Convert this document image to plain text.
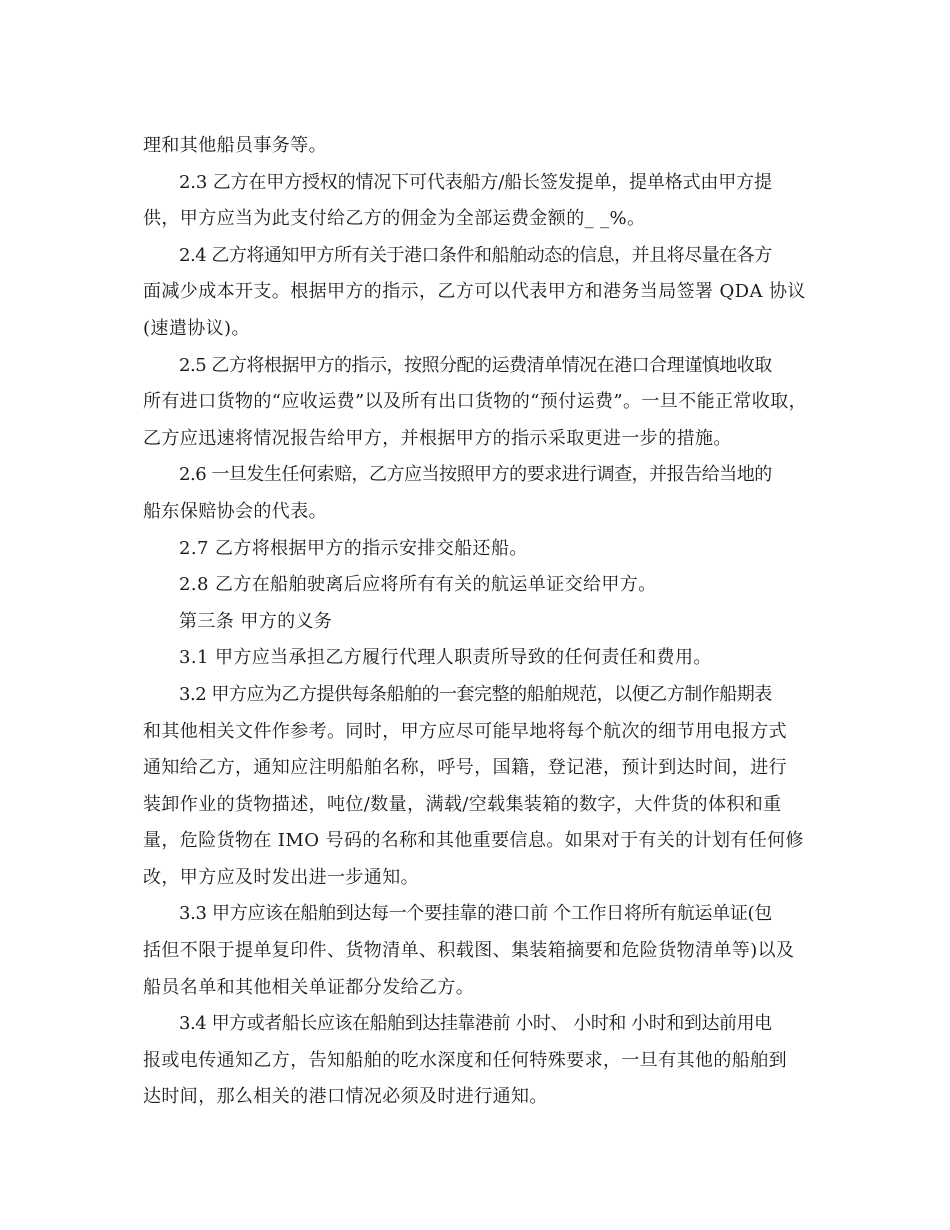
理和其他船员事务等。

2.3 乙方在甲方授权的情况下可代表船方/船长签发提单，提单格式由甲方提
供，甲方应当为此支付给乙方的佣金为全部运费金额的_ _%。

2.4 乙方将通知甲方所有关于港口条件和船舶动态的信息，并且将尽量在各方
面减少成本开支。根据甲方的指示，乙方可以代表甲方和港务当局签署 QDA 协议
(速遣协议)。

2.5 乙方将根据甲方的指示，按照分配的运费清单情况在港口合理谨慎地收取
所有进口货物的“应收运费”以及所有出口货物的“预付运费”。一旦不能正常收取，
乙方应迅速将情况报告给甲方，并根据甲方的指示采取更进一步的措施。

2.6 一旦发生任何索赔，乙方应当按照甲方的要求进行调查，并报告给当地的
船东保赔协会的代表。

2.7 乙方将根据甲方的指示安排交船还船。

2.8 乙方在船舶驶离后应将所有有关的航运单证交给甲方。

第三条 甲方的义务

3.1 甲方应当承担乙方履行代理人职责所导致的任何责任和费用。

3.2 甲方应为乙方提供每条船舶的一套完整的船舶规范，以便乙方制作船期表
和其他相关文件作参考。同时，甲方应尽可能早地将每个航次的细节用电报方式
通知给乙方，通知应注明船舶名称，呼号，国籍，登记港，预计到达时间，进行
装卸作业的货物描述，吨位/数量，满载/空载集装箱的数字，大件货的体积和重
量，危险货物在 IMO 号码的名称和其他重要信息。如果对于有关的计划有任何修
改，甲方应及时发出进一步通知。

3.3 甲方应该在船舶到达每一个要挂靠的港口前 个工作日将所有航运单证(包
括但不限于提单复印件、货物清单、积载图、集装箱摘要和危险货物清单等)以及
船员名单和其他相关单证都分发给乙方。

3.4 甲方或者船长应该在船舶到达挂靠港前 小时、 小时和 小时和到达前用电
报或电传通知乙方，告知船舶的吃水深度和任何特殊要求，一旦有其他的船舶到
达时间，那么相关的港口情况必须及时进行通知。
